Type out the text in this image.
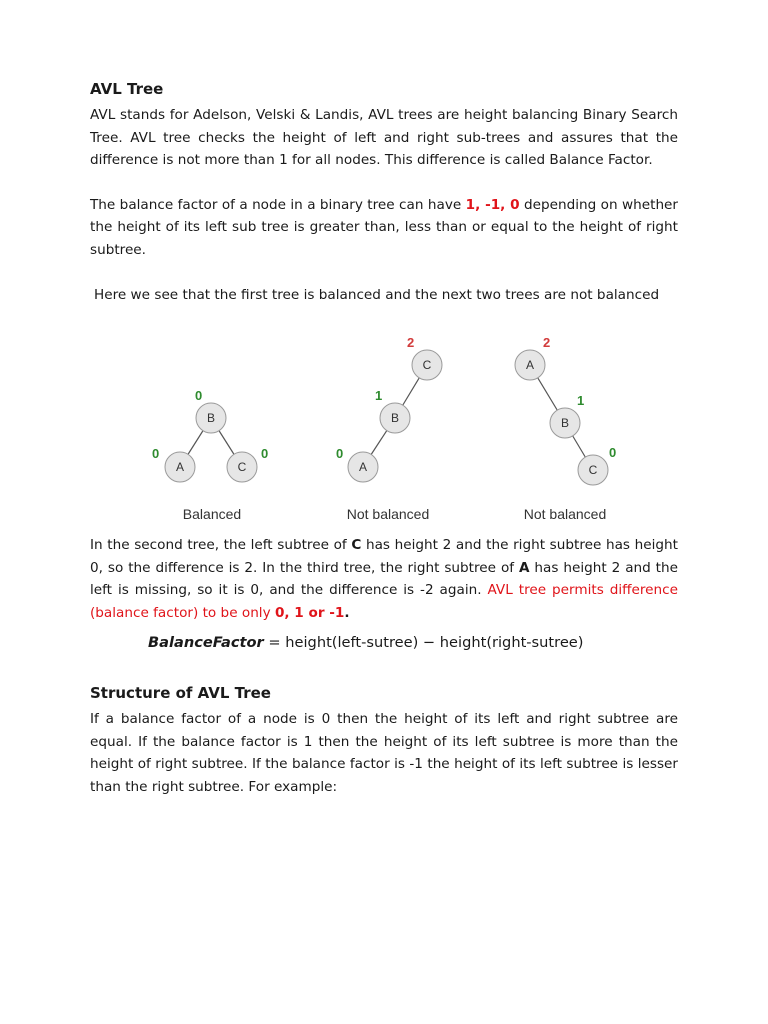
AVL Tree

AVL stands for Adelson, Velski & Landis, AVL trees are height balancing Binary Search Tree. AVL tree checks the height of left and right sub-trees and assures that the difference is not more than 1 for all nodes. This difference is called Balance Factor.

The balance factor of a node in a binary tree can have 1, -1, 0 depending on whether the height of its left sub tree is greater than, less than or equal to the height of right subtree.

Here we see that the first tree is balanced and the next two trees are not balanced

B
A	C
0
0	0
Balanced
C
B
A
2
1
0
Not balanced
A
B
C
2
1
0
Not balanced

In the second tree, the left subtree of C has height 2 and the right subtree has height 0, so the difference is 2. In the third tree, the right subtree of A has height 2 and the left is missing, so it is 0, and the difference is -2 again. AVL tree permits difference (balance factor) to be only 0, 1 or -1.

BalanceFactor = height(left-sutree) − height(right-sutree)
Structure of AVL Tree

If a balance factor of a node is 0 then the height of its left and right subtree are equal. If the balance factor is 1 then the height of its left subtree is more than the height of right subtree. If the balance factor is -1 the height of its left subtree is lesser than the right subtree. For example:
